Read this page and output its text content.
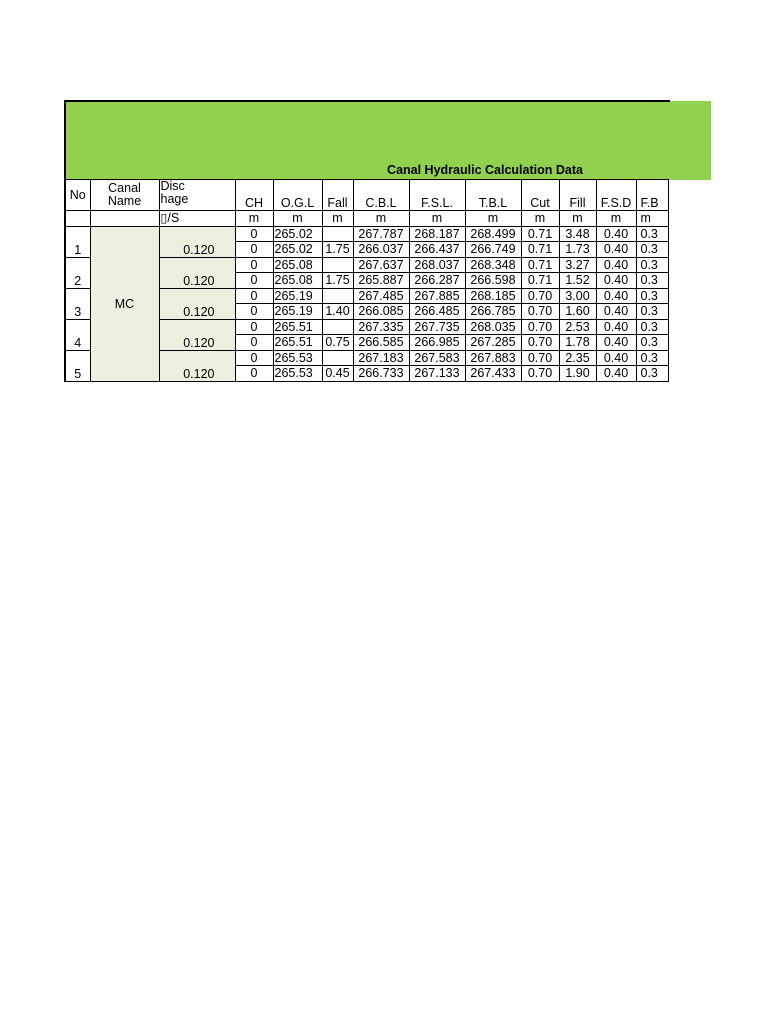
Canal Hydraulic Calculation Data
No	Canal Name	Disc
hage	CH	O.G.L	Fall	C.B.L	F.S.L.	T.B.L	Cut	Fill	F.S.D	F.B
		▯/S	m	m	m	m	m	m	m	m	m	m
1	MC	0.120	0	265.02		267.787	268.187	268.499	0.71	3.48	0.40	0.3
			0	265.02	1.75	266.037	266.437	266.749	0.71	1.73	0.40	0.3
2		0.120	0	265.08		267.637	268.037	268.348	0.71	3.27	0.40	0.3
			0	265.08	1.75	265.887	266.287	266.598	0.71	1.52	0.40	0.3
3		0.120	0	265.19		267.485	267.885	268.185	0.70	3.00	0.40	0.3
			0	265.19	1.40	266.085	266.485	266.785	0.70	1.60	0.40	0.3
4		0.120	0	265.51		267.335	267.735	268.035	0.70	2.53	0.40	0.3
			0	265.51	0.75	266.585	266.985	267.285	0.70	1.78	0.40	0.3
5		0.120	0	265.53		267.183	267.583	267.883	0.70	2.35	0.40	0.3
			0	265.53	0.45	266.733	267.133	267.433	0.70	1.90	0.40	0.3
